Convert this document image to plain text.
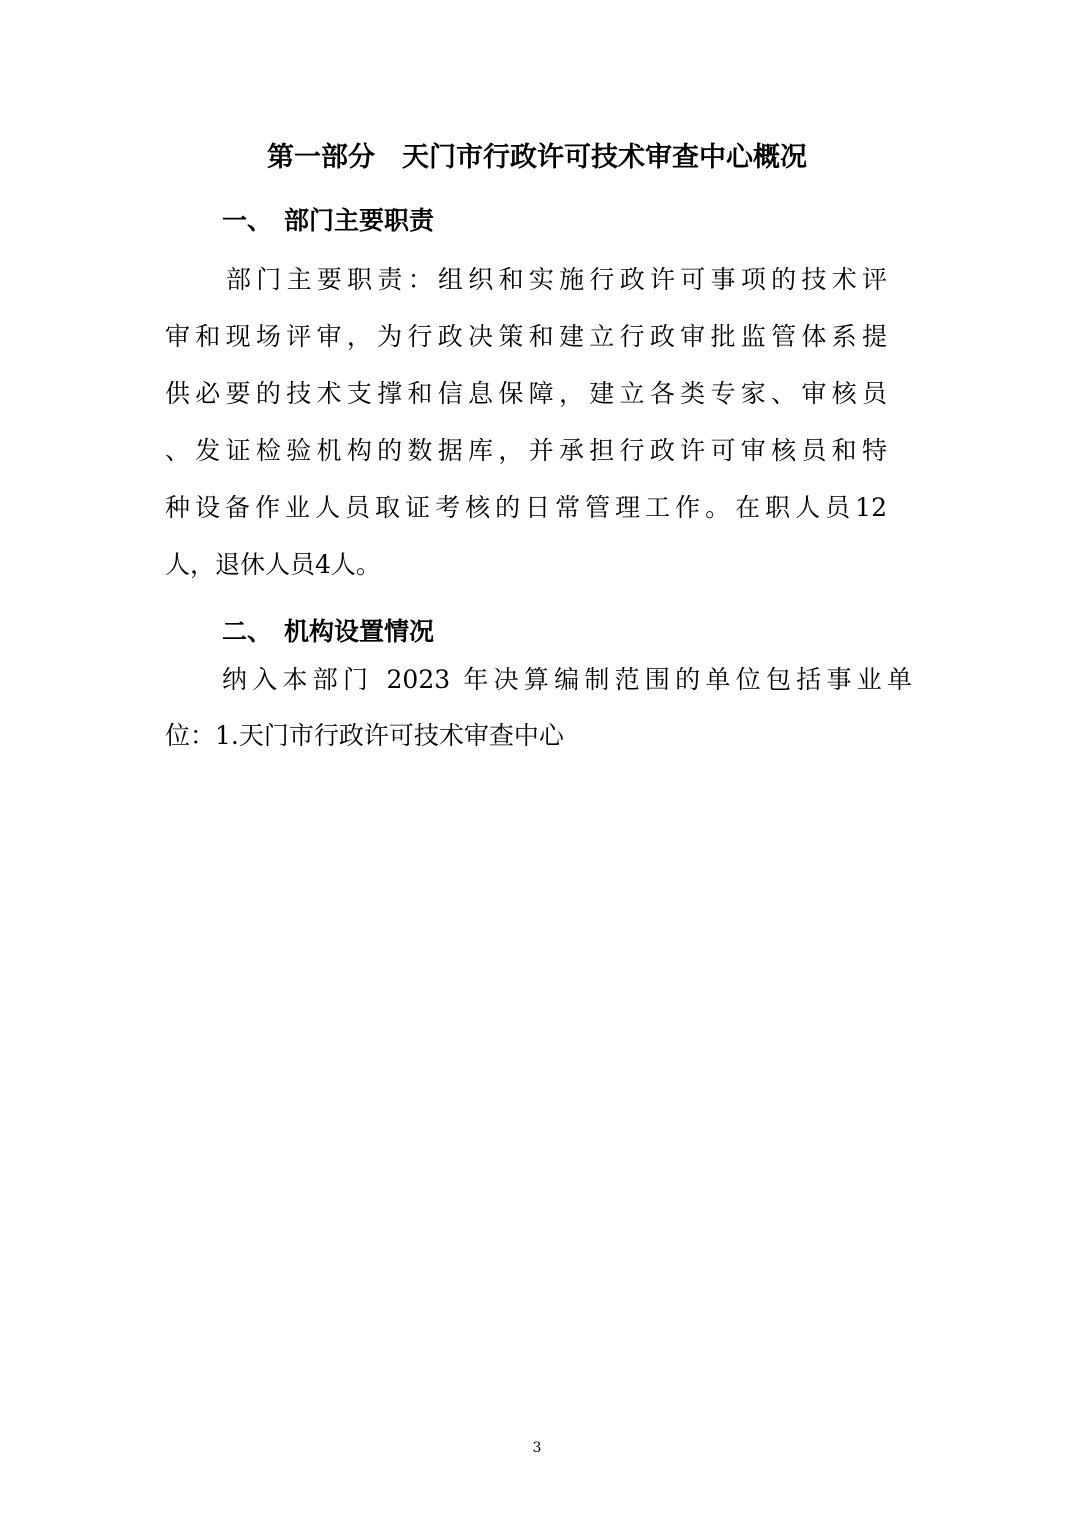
第一部分　天门市行政许可技术审查中心概况
一、 部门主要职责
部门主要职责：组织和实施行政许可事项的技术评
审和现场评审，为行政决策和建立行政审批监管体系提
供必要的技术支撑和信息保障，建立各类专家、审核员
、发证检验机构的数据库，并承担行政许可审核员和特
种设备作业人员取证考核的日常管理工作。在职人员12
人，退休人员4人。
二、 机构设置情况
纳入本部门 2023 年决算编制范围的单位包括事业单
位：1.天门市行政许可技术审查中心
3
